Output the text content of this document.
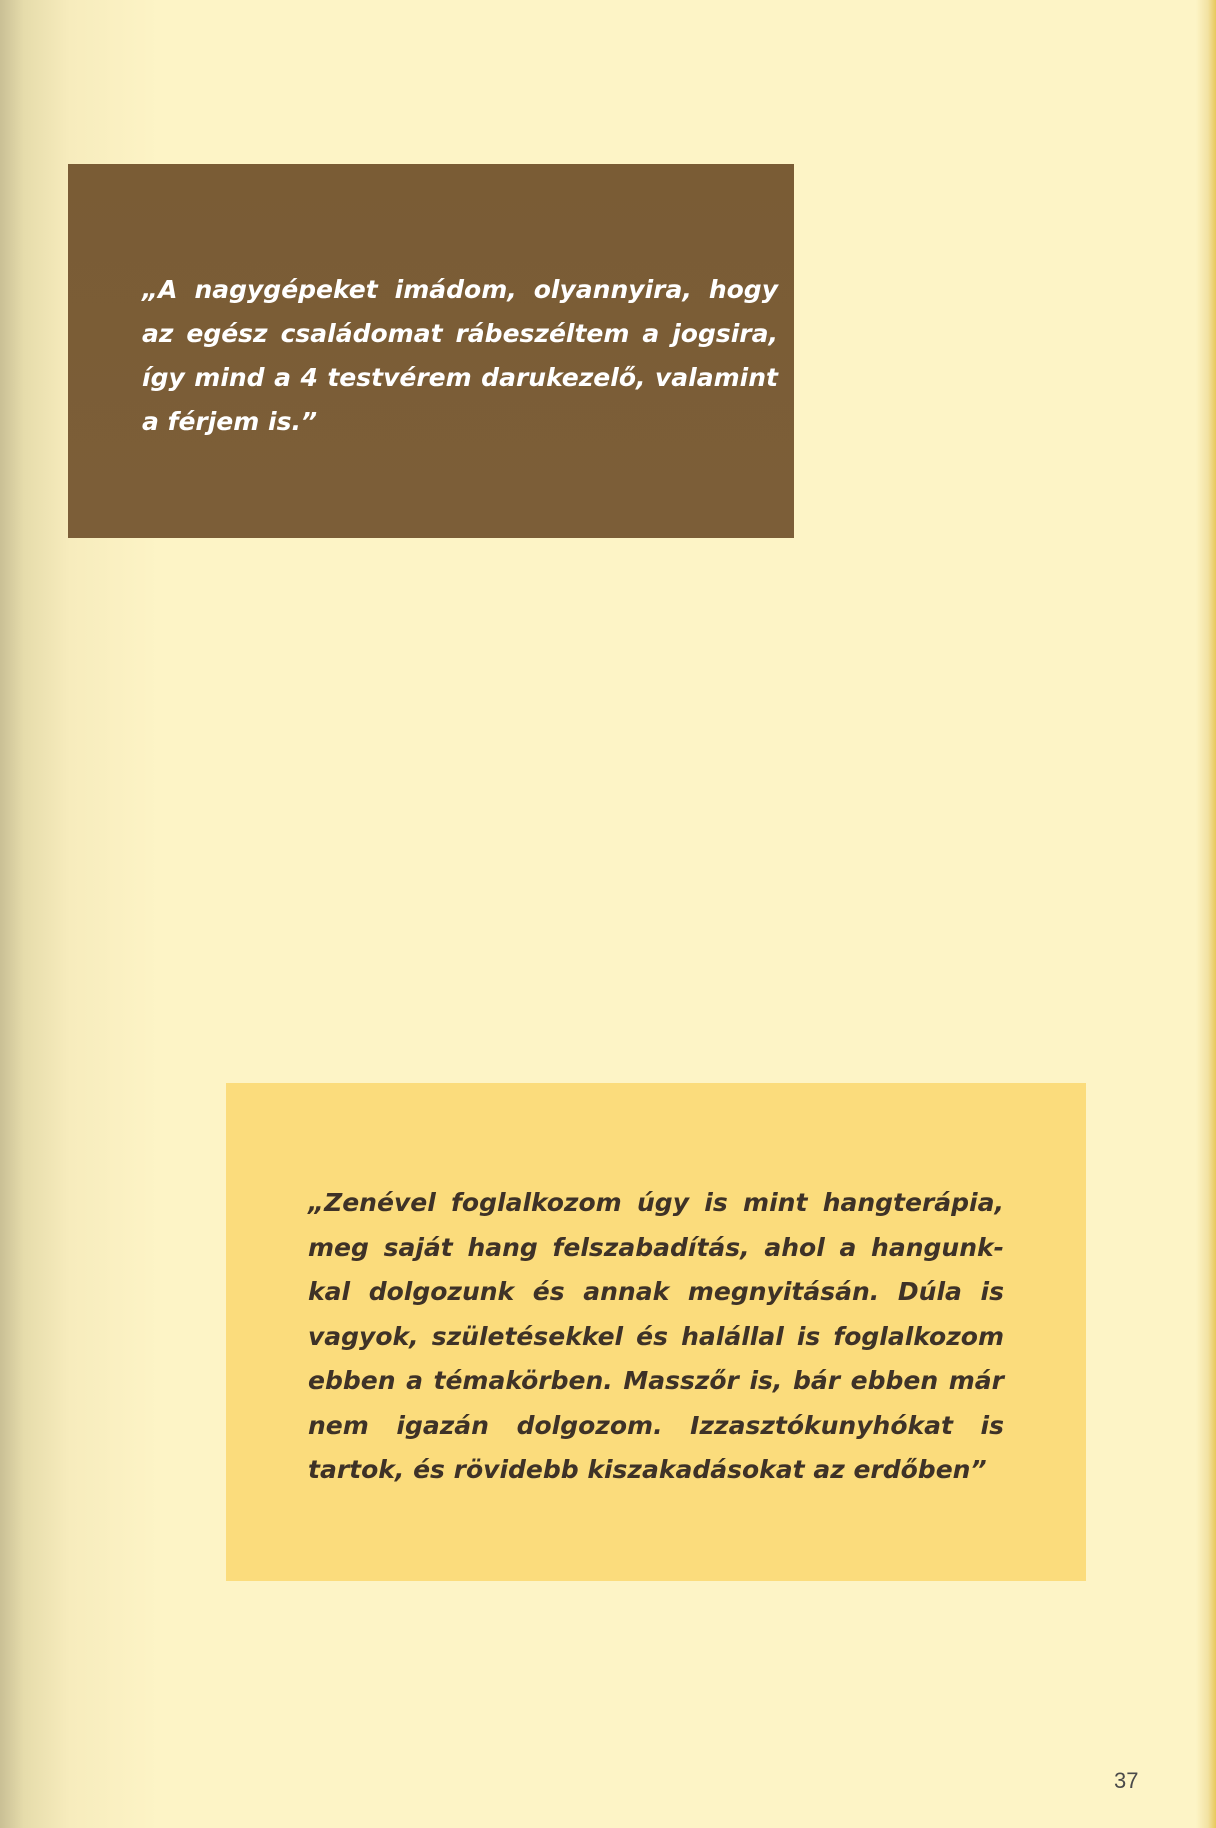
„A nagygépeket imádom, olyannyira, hogy az egész családomat rábeszéltem a jogsira, így mind a 4 testvérem darukezelő, valamint a férjem is.”
„Zenével foglalkozom úgy is mint hangterápia, meg saját hang felszabadítás, ahol a hangunk-kal dolgozunk és annak megnyitásán. Dúla is vagyok, születésekkel és halállal is foglalkozom ebben a témakörben. Masszőr is, bár ebben már nem igazán dolgozom. Izzasztókunyhókat is tartok, és rövidebb kiszakadásokat az erdőben”
37
